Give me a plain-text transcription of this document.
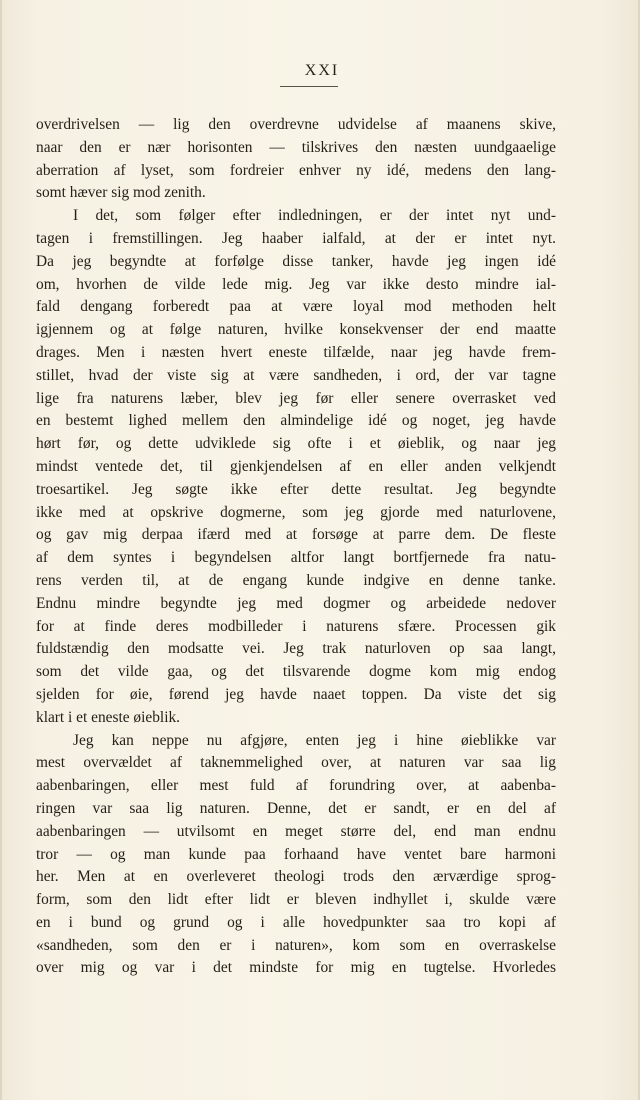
XXI
overdrivelsen — lig den overdrevne udvidelse af maanens skive,
naar den er nær horisonten — tilskrives den næsten uundgaaelige
aberration af lyset, som fordreier enhver ny idé, medens den lang-
somt hæver sig mod zenith.
I det, som følger efter indledningen, er der intet nyt und-
tagen i fremstillingen. Jeg haaber ialfald, at der er intet nyt.
Da jeg begyndte at forfølge disse tanker, havde jeg ingen idé
om, hvorhen de vilde lede mig. Jeg var ikke desto mindre ial-
fald dengang forberedt paa at være loyal mod methoden helt
igjennem og at følge naturen, hvilke konsekvenser der end maatte
drages. Men i næsten hvert eneste tilfælde, naar jeg havde frem-
stillet, hvad der viste sig at være sandheden, i ord, der var tagne
lige fra naturens læber, blev jeg før eller senere overrasket ved
en bestemt lighed mellem den almindelige idé og noget, jeg havde
hørt før, og dette udviklede sig ofte i et øieblik, og naar jeg
mindst ventede det, til gjenkjendelsen af en eller anden velkjendt
troesartikel. Jeg søgte ikke efter dette resultat. Jeg begyndte
ikke med at opskrive dogmerne, som jeg gjorde med naturlovene,
og gav mig derpaa ifærd med at forsøge at parre dem. De fleste
af dem syntes i begyndelsen altfor langt bortfjernede fra natu-
rens verden til, at de engang kunde indgive en denne tanke.
Endnu mindre begyndte jeg med dogmer og arbeidede nedover
for at finde deres modbilleder i naturens sfære. Processen gik
fuldstændig den modsatte vei. Jeg trak naturloven op saa langt,
som det vilde gaa, og det tilsvarende dogme kom mig endog
sjelden for øie, førend jeg havde naaet toppen. Da viste det sig
klart i et eneste øieblik.
Jeg kan neppe nu afgjøre, enten jeg i hine øieblikke var
mest overvældet af taknemmelighed over, at naturen var saa lig
aabenbaringen, eller mest fuld af forundring over, at aabenba-
ringen var saa lig naturen. Denne, det er sandt, er en del af
aabenbaringen — utvilsomt en meget større del, end man endnu
tror — og man kunde paa forhaand have ventet bare harmoni
her. Men at en overleveret theologi trods den ærværdige sprog-
form, som den lidt efter lidt er bleven indhyllet i, skulde være
en i bund og grund og i alle hovedpunkter saa tro kopi af
«sandheden, som den er i naturen», kom som en overraskelse
over mig og var i det mindste for mig en tugtelse. Hvorledes
